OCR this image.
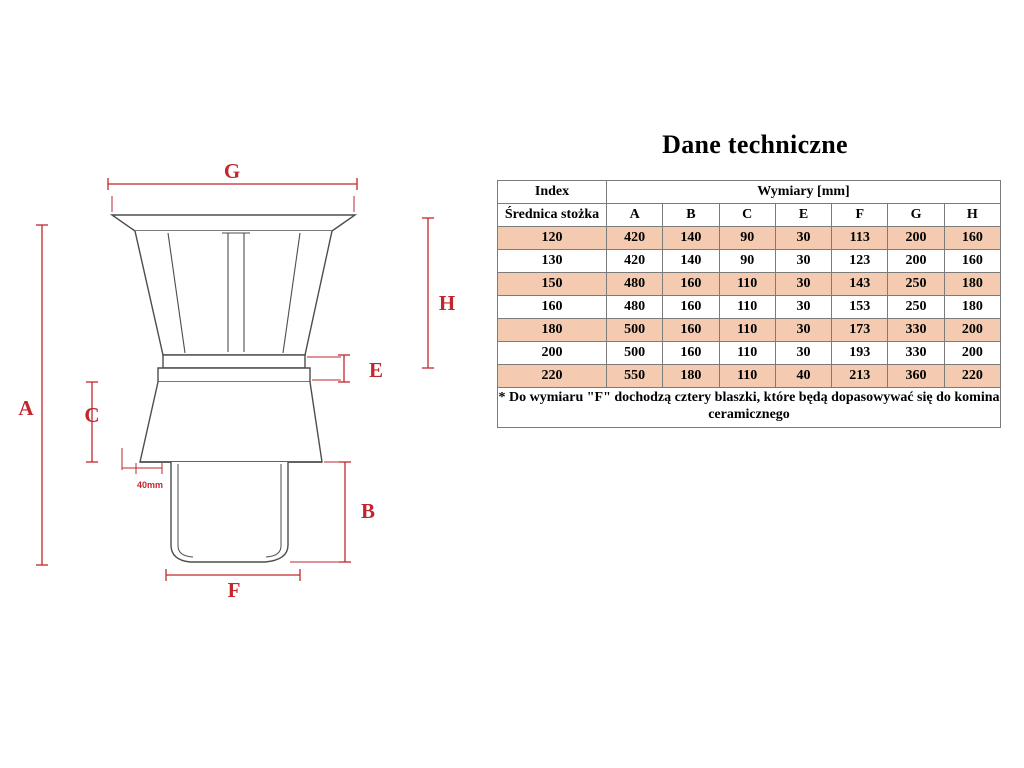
A C
G
H
E
B
F
40mm
Dane techniczne
Index	Wymiary [mm]						
Średnica stożka	A	B	C	E	F	G	H
120	420	140	90	30	113	200	160
130	420	140	90	30	123	200	160
150	480	160	110	30	143	250	180
160	480	160	110	30	153	250	180
180	500	160	110	30	173	330	200
200	500	160	110	30	193	330	200
220	550	180	110	40	213	360	220
* Do wymiaru "F" dochodzą cztery blaszki, które będą dopasowywać się do komina ceramicznego							
